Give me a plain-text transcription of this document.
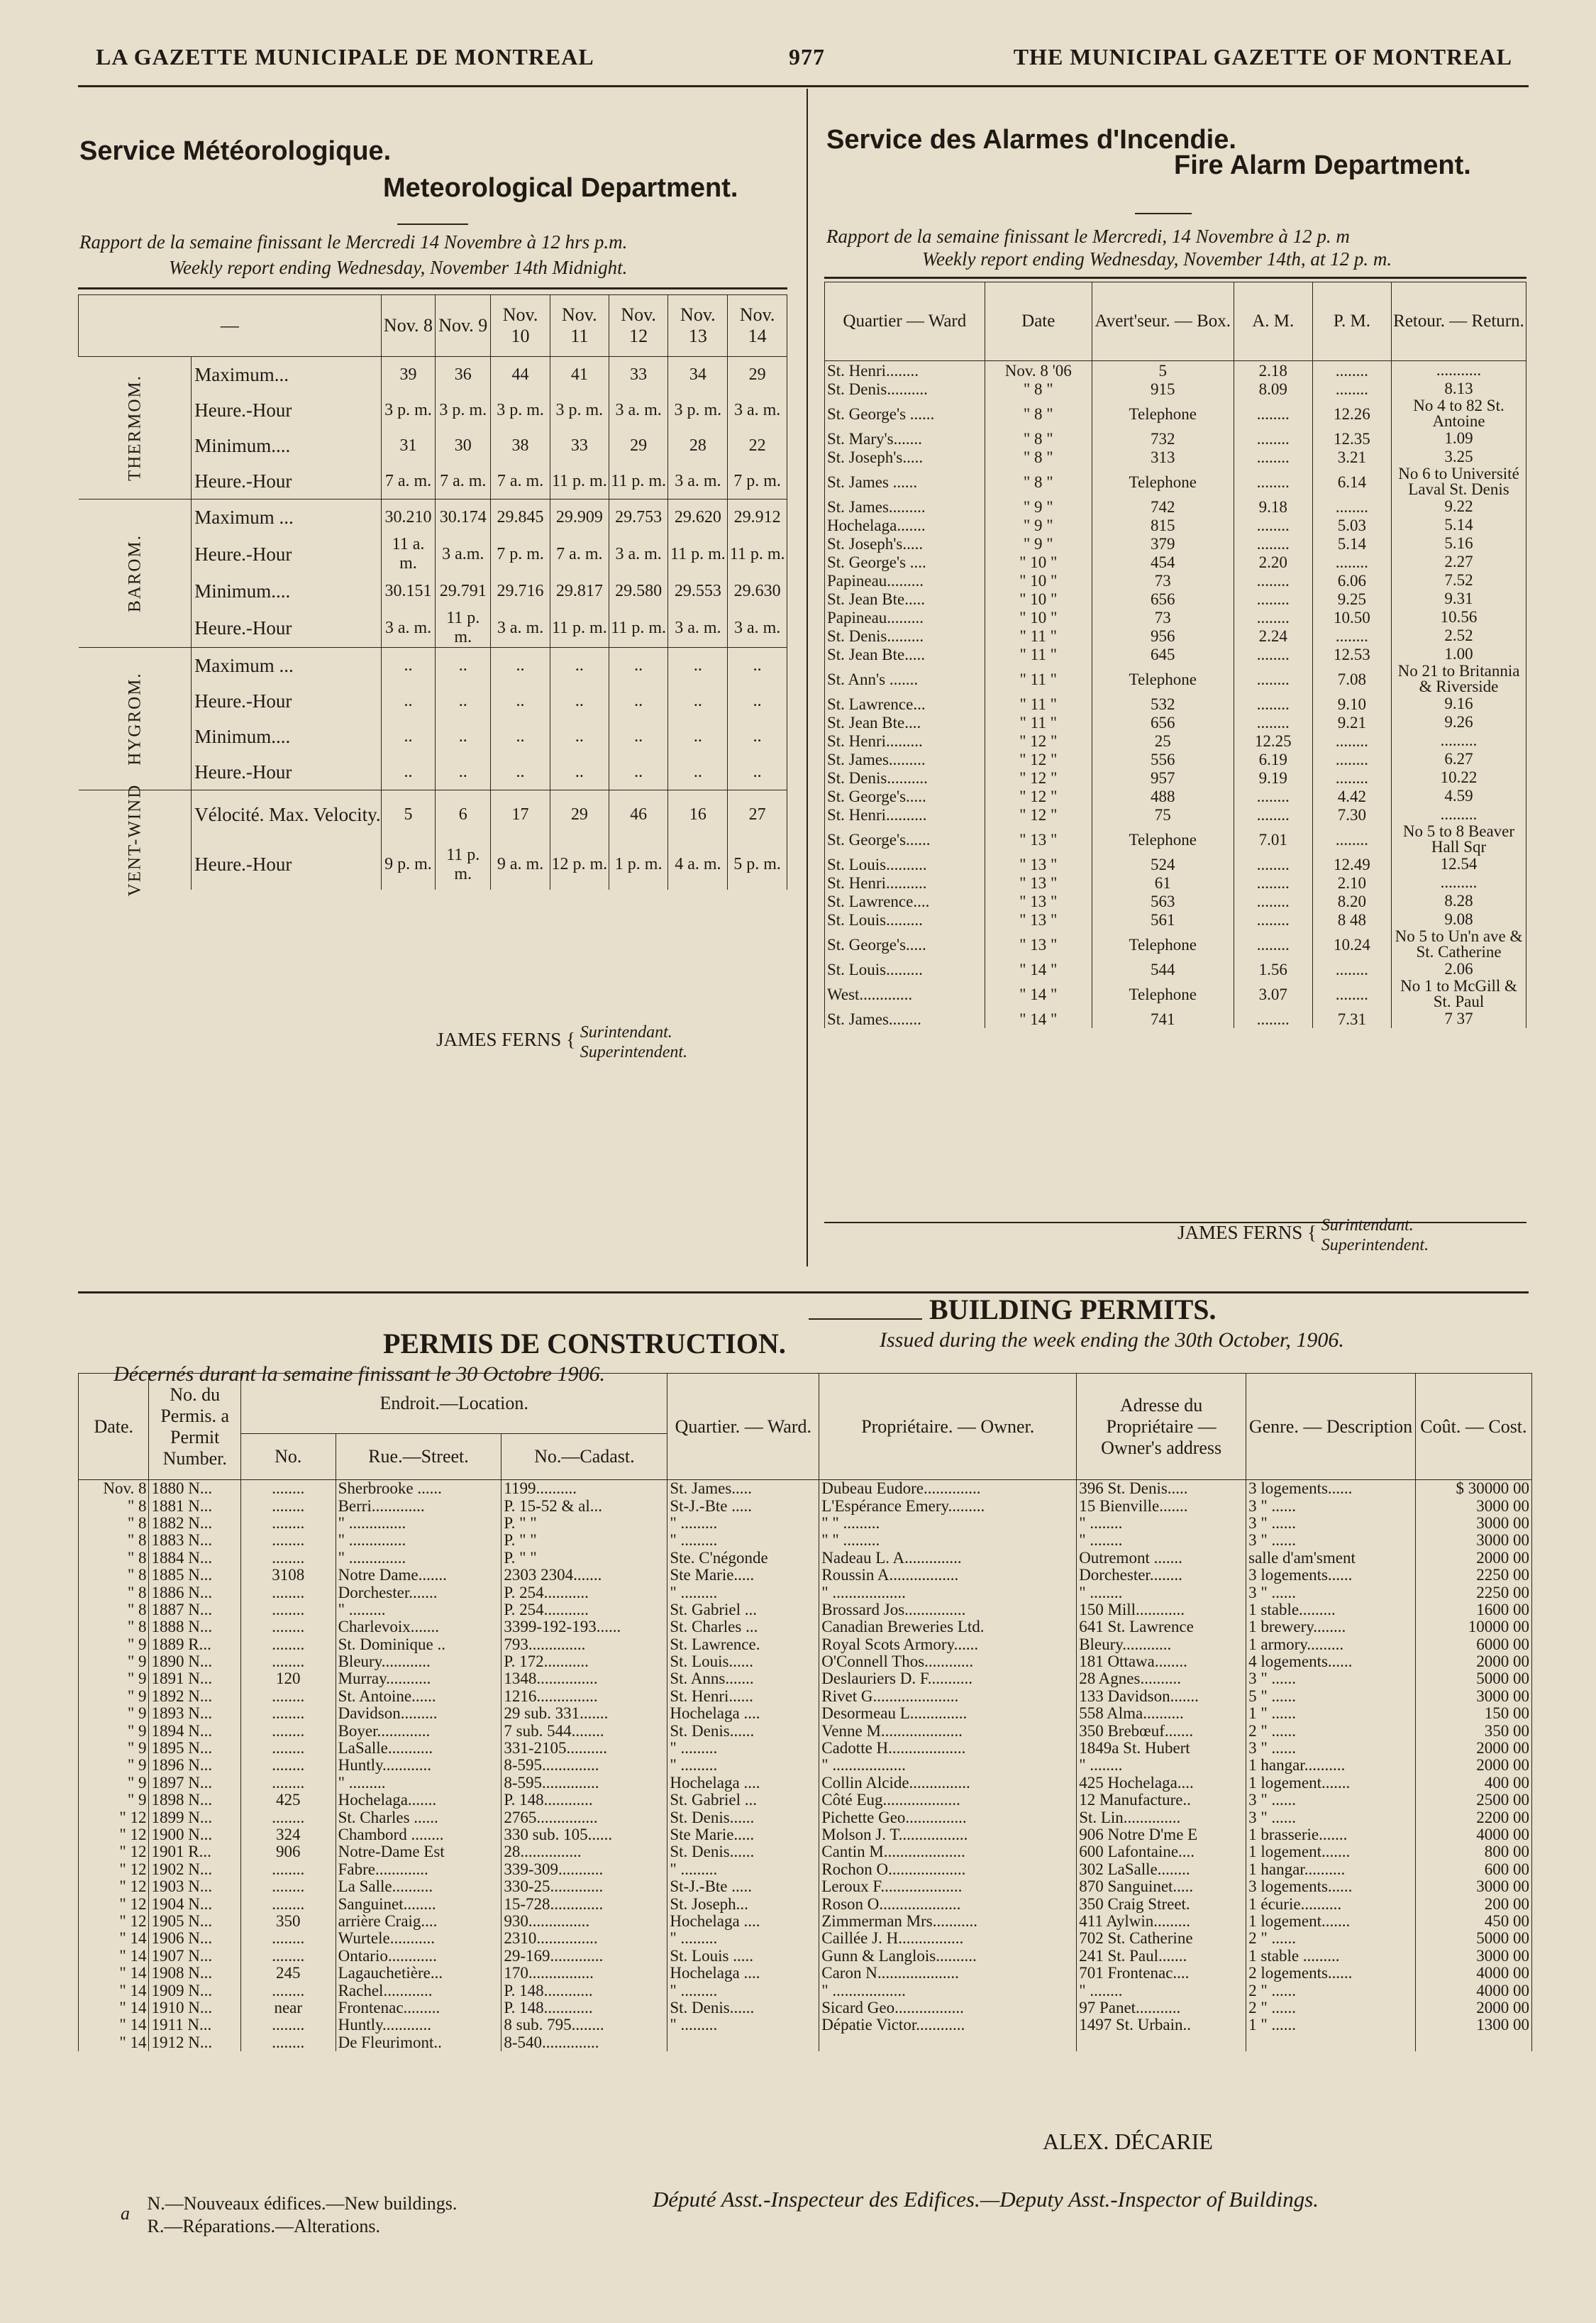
LA GAZETTE MUNICIPALE DE MONTREAL	977	THE MUNICIPAL GAZETTE OF MONTREAL
Service Météorologique.
Meteorological Department.
Rapport de la semaine finissant le Mercredi 14 Novembre à 12 hrs p.m.
Weekly report ending Wednesday, November 14th Midnight.
—		Nov. 8	Nov. 9	Nov. 10	Nov. 11	Nov. 12	Nov. 13	Nov. 14

THERMOM.	Maximum...	39	36	44	41	33	34	29
	Heure.-Hour	3 p. m.	3 p. m.	3 p. m.	3 p. m.	3 a. m.	3 p. m.	3 a. m.
	Minimum....	31	30	38	33	29	28	22
	Heure.-Hour	7 a. m.	7 a. m.	7 a. m.	11 p. m.	11 p. m.	3 a. m.	7 p. m.

BAROM.	Maximum ...	30.210	30.174	29.845	29.909	29.753	29.620	29.912
	Heure.-Hour	11 a. m.	3 a.m.	7 p. m.	7 a. m.	3 a. m.	11 p. m.	11 p. m.
	Minimum....	30.151	29.791	29.716	29.817	29.580	29.553	29.630
	Heure.-Hour	3 a. m.	11 p. m.	3 a. m.	11 p. m.	11 p. m.	3 a. m.	3 a. m.

HYGROM.	Maximum ...	..	..	..	..	..	..	..
	Heure.-Hour	..	..	..	..	..	..	..
	Minimum....	..	..	..	..	..	..	..
	Heure.-Hour	..	..	..	..	..	..	..

VENT-WIND	Vélocité. Max. Velocity.	5	6	17	29	46	16	27
	Heure.-Hour	9 p. m.	11 p. m.	9 a. m.	12 p. m.	1 p. m.	4 a. m.	5 p. m.
JAMES FERNS { Surintendant.
Superintendent.
Service des Alarmes d'Incendie.
Fire Alarm Department.
Rapport de la semaine finissant le Mercredi, 14 Novembre à 12 p. m
Weekly report ending Wednesday, November 14th, at 12 p. m.
Quartier — Ward	Date	Avert'seur. — Box.	A. M.	P. M.	Retour. — Return.
St. Henri........	Nov. 8 '06	5	2.18	........	...........
St. Denis..........	" 8 "	915	8.09	........	8.13
St. George's ......	" 8 "	Telephone	........	12.26	No 4 to 82 St. Antoine
St. Mary's.......	" 8 "	732	........	12.35	1.09
St. Joseph's.....	" 8 "	313	........	3.21	3.25
St. James ......	" 8 "	Telephone	........	6.14	No 6 to Université Laval St. Denis
St. James.........	" 9 "	742	9.18	........	9.22
Hochelaga.......	" 9 "	815	........	5.03	5.14
St. Joseph's.....	" 9 "	379	........	5.14	5.16
St. George's ....	" 10 "	454	2.20	........	2.27
Papineau.........	" 10 "	73	........	6.06	7.52
St. Jean Bte.....	" 10 "	656	........	9.25	9.31
Papineau.........	" 10 "	73	........	10.50	10.56
St. Denis.........	" 11 "	956	2.24	........	2.52
St. Jean Bte.....	" 11 "	645	........	12.53	1.00
St. Ann's .......	" 11 "	Telephone	........	7.08	No 21 to Britannia & Riverside
St. Lawrence...	" 11 "	532	........	9.10	9.16
St. Jean Bte....	" 11 "	656	........	9.21	9.26
St. Henri.........	" 12 "	25	12.25	........	.........
St. James.........	" 12 "	556	6.19	........	6.27
St. Denis..........	" 12 "	957	9.19	........	10.22
St. George's.....	" 12 "	488	........	4.42	4.59
St. Henri..........	" 12 "	75	........	7.30	.........
St. George's......	" 13 "	Telephone	7.01	........	No 5 to 8 Beaver Hall Sqr
St. Louis..........	" 13 "	524	........	12.49	12.54
St. Henri..........	" 13 "	61	........	2.10	.........
St. Lawrence....	" 13 "	563	........	8.20	8.28
St. Louis.........	" 13 "	561	........	8 48	9.08
St. George's.....	" 13 "	Telephone	........	10.24	No 5 to Un'n ave & St. Catherine
St. Louis.........	" 14 "	544	1.56	........	2.06
West.............	" 14 "	Telephone	3.07	........	No 1 to McGill & St. Paul
St. James........	" 14 "	741	........	7.31	7 37
JAMES FERNS { Surintendant.
Superintendent.
PERMIS DE CONSTRUCTION.
BUILDING PERMITS.
Décernés durant la semaine finissant le 30 Octobre 1906.
Issued during the week ending the 30th October, 1906.
Date.	No. du Permis. a Permit Number.	Endroit.—Location.			Quartier. — Ward.	Propriétaire. — Owner.	Adresse du Propriétaire — Owner's address	Genre. — Description	Coût. — Cost.
		No.	Rue.—Street.	No.—Cadast.					
Nov. 8	1880 N...	........	Sherbrooke ......	1199..........	St. James.....	Dubeau Eudore..............	396 St. Denis.....	3 logements......	$ 30000 00
" 8	1881 N...	........	Berri.............	P. 15-52 & al...	St-J.-Bte .....	L'Espérance Emery.........	15 Bienville.......	3 " ......	3000 00
" 8	1882 N...	........	" ..............	P. " "	" .........	" " .........	" ........	3 " ......	3000 00
" 8	1883 N...	........	" ..............	P. " "	" .........	" " .........	" ........	3 " ......	3000 00
" 8	1884 N...	........	" ..............	P. " "	Ste. C'négonde	Nadeau L. A..............	Outremont .......	salle d'am'sment	2000 00
" 8	1885 N...	3108	Notre Dame.......	2303 2304.......	Ste Marie.....	Roussin A.................	Dorchester........	3 logements......	2250 00
" 8	1886 N...	........	Dorchester.......	P. 254...........	" .........	" ..................	" ........	3 " ......	2250 00
" 8	1887 N...	........	" .........	P. 254...........	St. Gabriel ...	Brossard Jos...............	150 Mill............	1 stable.........	1600 00
" 8	1888 N...	........	Charlevoix.......	3399-192-193......	St. Charles ...	Canadian Breweries Ltd.	641 St. Lawrence	1 brewery........	10000 00
" 9	1889 R...	........	St. Dominique ..	793..............	St. Lawrence.	Royal Scots Armory......	Bleury............	1 armory.........	6000 00
" 9	1890 N...	........	Bleury............	P. 172...........	St. Louis......	O'Connell Thos............	181 Ottawa........	4 logements......	2000 00
" 9	1891 N...	120	Murray...........	1348...............	St. Anns.......	Deslauriers D. F...........	28 Agnes..........	3 " ......	5000 00
" 9	1892 N...	........	St. Antoine......	1216...............	St. Henri......	Rivet G.....................	133 Davidson.......	5 " ......	3000 00
" 9	1893 N...	........	Davidson.........	29 sub. 331.......	Hochelaga ....	Desormeau L..............	558 Alma..........	1 " ......	150 00
" 9	1894 N...	........	Boyer.............	7 sub. 544........	St. Denis......	Venne M....................	350 Brebœuf.......	2 " ......	350 00
" 9	1895 N...	........	LaSalle...........	331-2105..........	" .........	Cadotte H...................	1849a St. Hubert	3 " ......	2000 00
" 9	1896 N...	........	Huntly............	8-595..............	" .........	" ..................	" ........	1 hangar..........	2000 00
" 9	1897 N...	........	" .........	8-595..............	Hochelaga ....	Collin Alcide...............	425 Hochelaga....	1 logement.......	400 00
" 9	1898 N...	425	Hochelaga.......	P. 148............	St. Gabriel ...	Côté Eug...................	12 Manufacture..	3 " ......	2500 00
" 12	1899 N...	........	St. Charles ......	2765...............	St. Denis......	Pichette Geo...............	St. Lin..............	3 " ......	2200 00
" 12	1900 N...	324	Chambord ........	330 sub. 105......	Ste Marie.....	Molson J. T.................	906 Notre D'me E	1 brasserie.......	4000 00
" 12	1901 R...	906	Notre-Dame Est	28...............	St. Denis......	Cantin M....................	600 Lafontaine....	1 logement.......	800 00
" 12	1902 N...	........	Fabre.............	339-309...........	" .........	Rochon O...................	302 LaSalle........	1 hangar..........	600 00
" 12	1903 N...	........	La Salle..........	330-25.............	St-J.-Bte .....	Leroux F....................	870 Sanguinet.....	3 logements......	3000 00
" 12	1904 N...	........	Sanguinet........	15-728.............	St. Joseph...	Roson O....................	350 Craig Street.	1 écurie..........	200 00
" 12	1905 N...	350	arrière Craig....	930...............	Hochelaga ....	Zimmerman Mrs...........	411 Aylwin.........	1 logement.......	450 00
" 14	1906 N...	........	Wurtele...........	2310...............	" .........	Caillée J. H................	702 St. Catherine	2 " ......	5000 00
" 14	1907 N...	........	Ontario............	29-169.............	St. Louis .....	Gunn & Langlois..........	241 St. Paul.......	1 stable .........	3000 00
" 14	1908 N...	245	Lagauchetière...	170................	Hochelaga ....	Caron N....................	701 Frontenac....	2 logements......	4000 00
" 14	1909 N...	........	Rachel............	P. 148............	" .........	" ..................	" ........	2 " ......	4000 00
" 14	1910 N...	near	Frontenac.........	P. 148............	St. Denis......	Sicard Geo.................	97 Panet...........	2 " ......	2000 00
" 14	1911 N...	........	Huntly............	8 sub. 795........	" .........	Dépatie Victor............	1497 St. Urbain..	1 " ......	1300 00
" 14	1912 N...	........	De Fleurimont..	8-540..............					
ALEX. DÉCARIE
Député Asst.-Inspecteur des Edifices.—Deputy Asst.-Inspector of Buildings.
a N.—Nouveaux édifices.—New buildings.
R.—Réparations.—Alterations.
